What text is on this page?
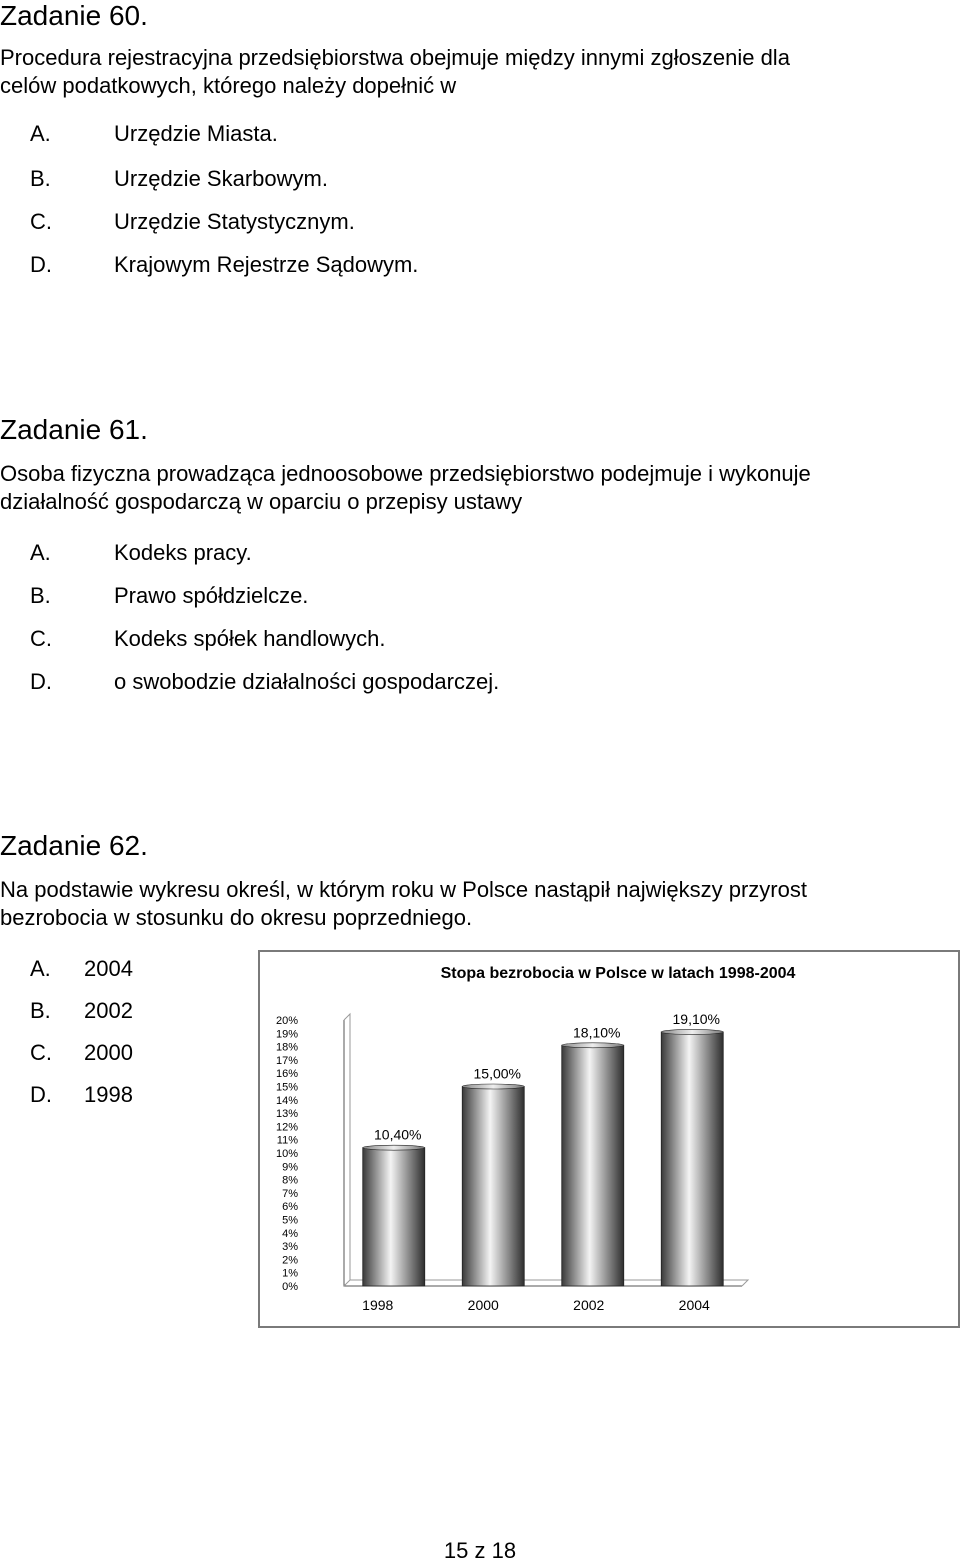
Zadanie 60.
Procedura rejestracyjna przedsiębiorstwa obejmuje między innymi zgłoszenie dla
celów podatkowych, którego należy dopełnić w
A.	Urzędzie Miasta.
B.	Urzędzie Skarbowym.
C.	Urzędzie Statystycznym.
D.	Krajowym Rejestrze Sądowym.
Zadanie 61.
Osoba fizyczna prowadząca jednoosobowe przedsiębiorstwo podejmuje i wykonuje
działalność gospodarczą w oparciu o przepisy ustawy
A.	Kodeks pracy.
B.	Prawo spółdzielcze.
C.	Kodeks spółek handlowych.
D.	o swobodzie działalności gospodarczej.
Zadanie 62.
Na podstawie wykresu określ, w którym roku w Polsce nastąpił największy przyrost
bezrobocia w stosunku do okresu poprzedniego.
A. 2004
B. 2002
C. 2000
D. 1998
Stopa bezrobocia w Polsce w latach 1998-2004
0%
1%
2%
3%
4%
5%
6%
7%
8%
9%
10%
11%
12%
13%
14%
15%
16%
17%
18%
19%
20%
10,40%
15,00%
18,10%
19,10%
1998	2000	2002	2004
15 z 18
